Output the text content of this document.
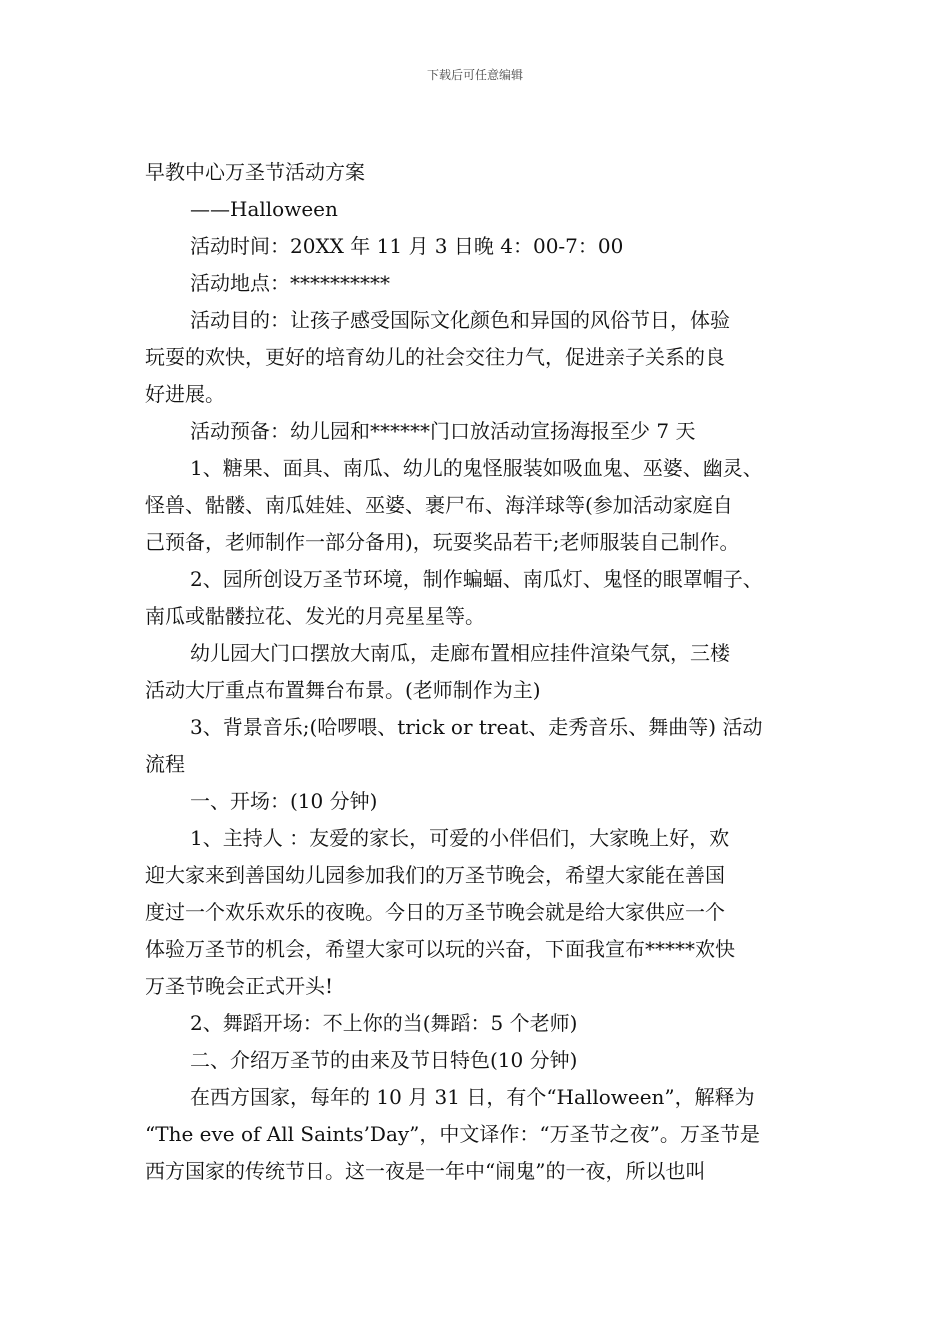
下载后可任意编辑

早教中心万圣节活动方案

——Halloween

活动时间：20XX 年 11 月 3 日晚 4：00-7：00

活动地点：**********

活动目的：让孩子感受国际文化颜色和异国的风俗节日，体验

玩耍的欢快，更好的培育幼儿的社会交往力气，促进亲子关系的良

好进展。

活动预备：幼儿园和******门口放活动宣扬海报至少 7 天

1、糖果、面具、南瓜、幼儿的鬼怪服装如吸血鬼、巫婆、幽灵、

怪兽、骷髅、南瓜娃娃、巫婆、裹尸布、海洋球等(参加活动家庭自

己预备，老师制作一部分备用)，玩耍奖品若干;老师服装自己制作。

2、园所创设万圣节环境，制作蝙蝠、南瓜灯、鬼怪的眼罩帽子、

南瓜或骷髅拉花、发光的月亮星星等。

幼儿园大门口摆放大南瓜，走廊布置相应挂件渲染气氛，三楼

活动大厅重点布置舞台布景。(老师制作为主)

3、背景音乐;(哈啰喂、trick or treat、走秀音乐、舞曲等) 活动

流程

一、开场：(10 分钟)

1、主持人 ：友爱的家长，可爱的小伴侣们，大家晚上好，欢

迎大家来到善国幼儿园参加我们的万圣节晚会，希望大家能在善国

度过一个欢乐欢乐的夜晚。今日的万圣节晚会就是给大家供应一个

体验万圣节的机会，希望大家可以玩的兴奋，下面我宣布*****欢快

万圣节晚会正式开头!

2、舞蹈开场：不上你的当(舞蹈：5 个老师)

二、介绍万圣节的由来及节日特色(10 分钟)

在西方国家，每年的 10 月 31 日，有个“Halloween”，解释为

“The eve of All Saints’Day”，中文译作：“万圣节之夜”。万圣节是

西方国家的传统节日。这一夜是一年中“闹鬼”的一夜，所以也叫
